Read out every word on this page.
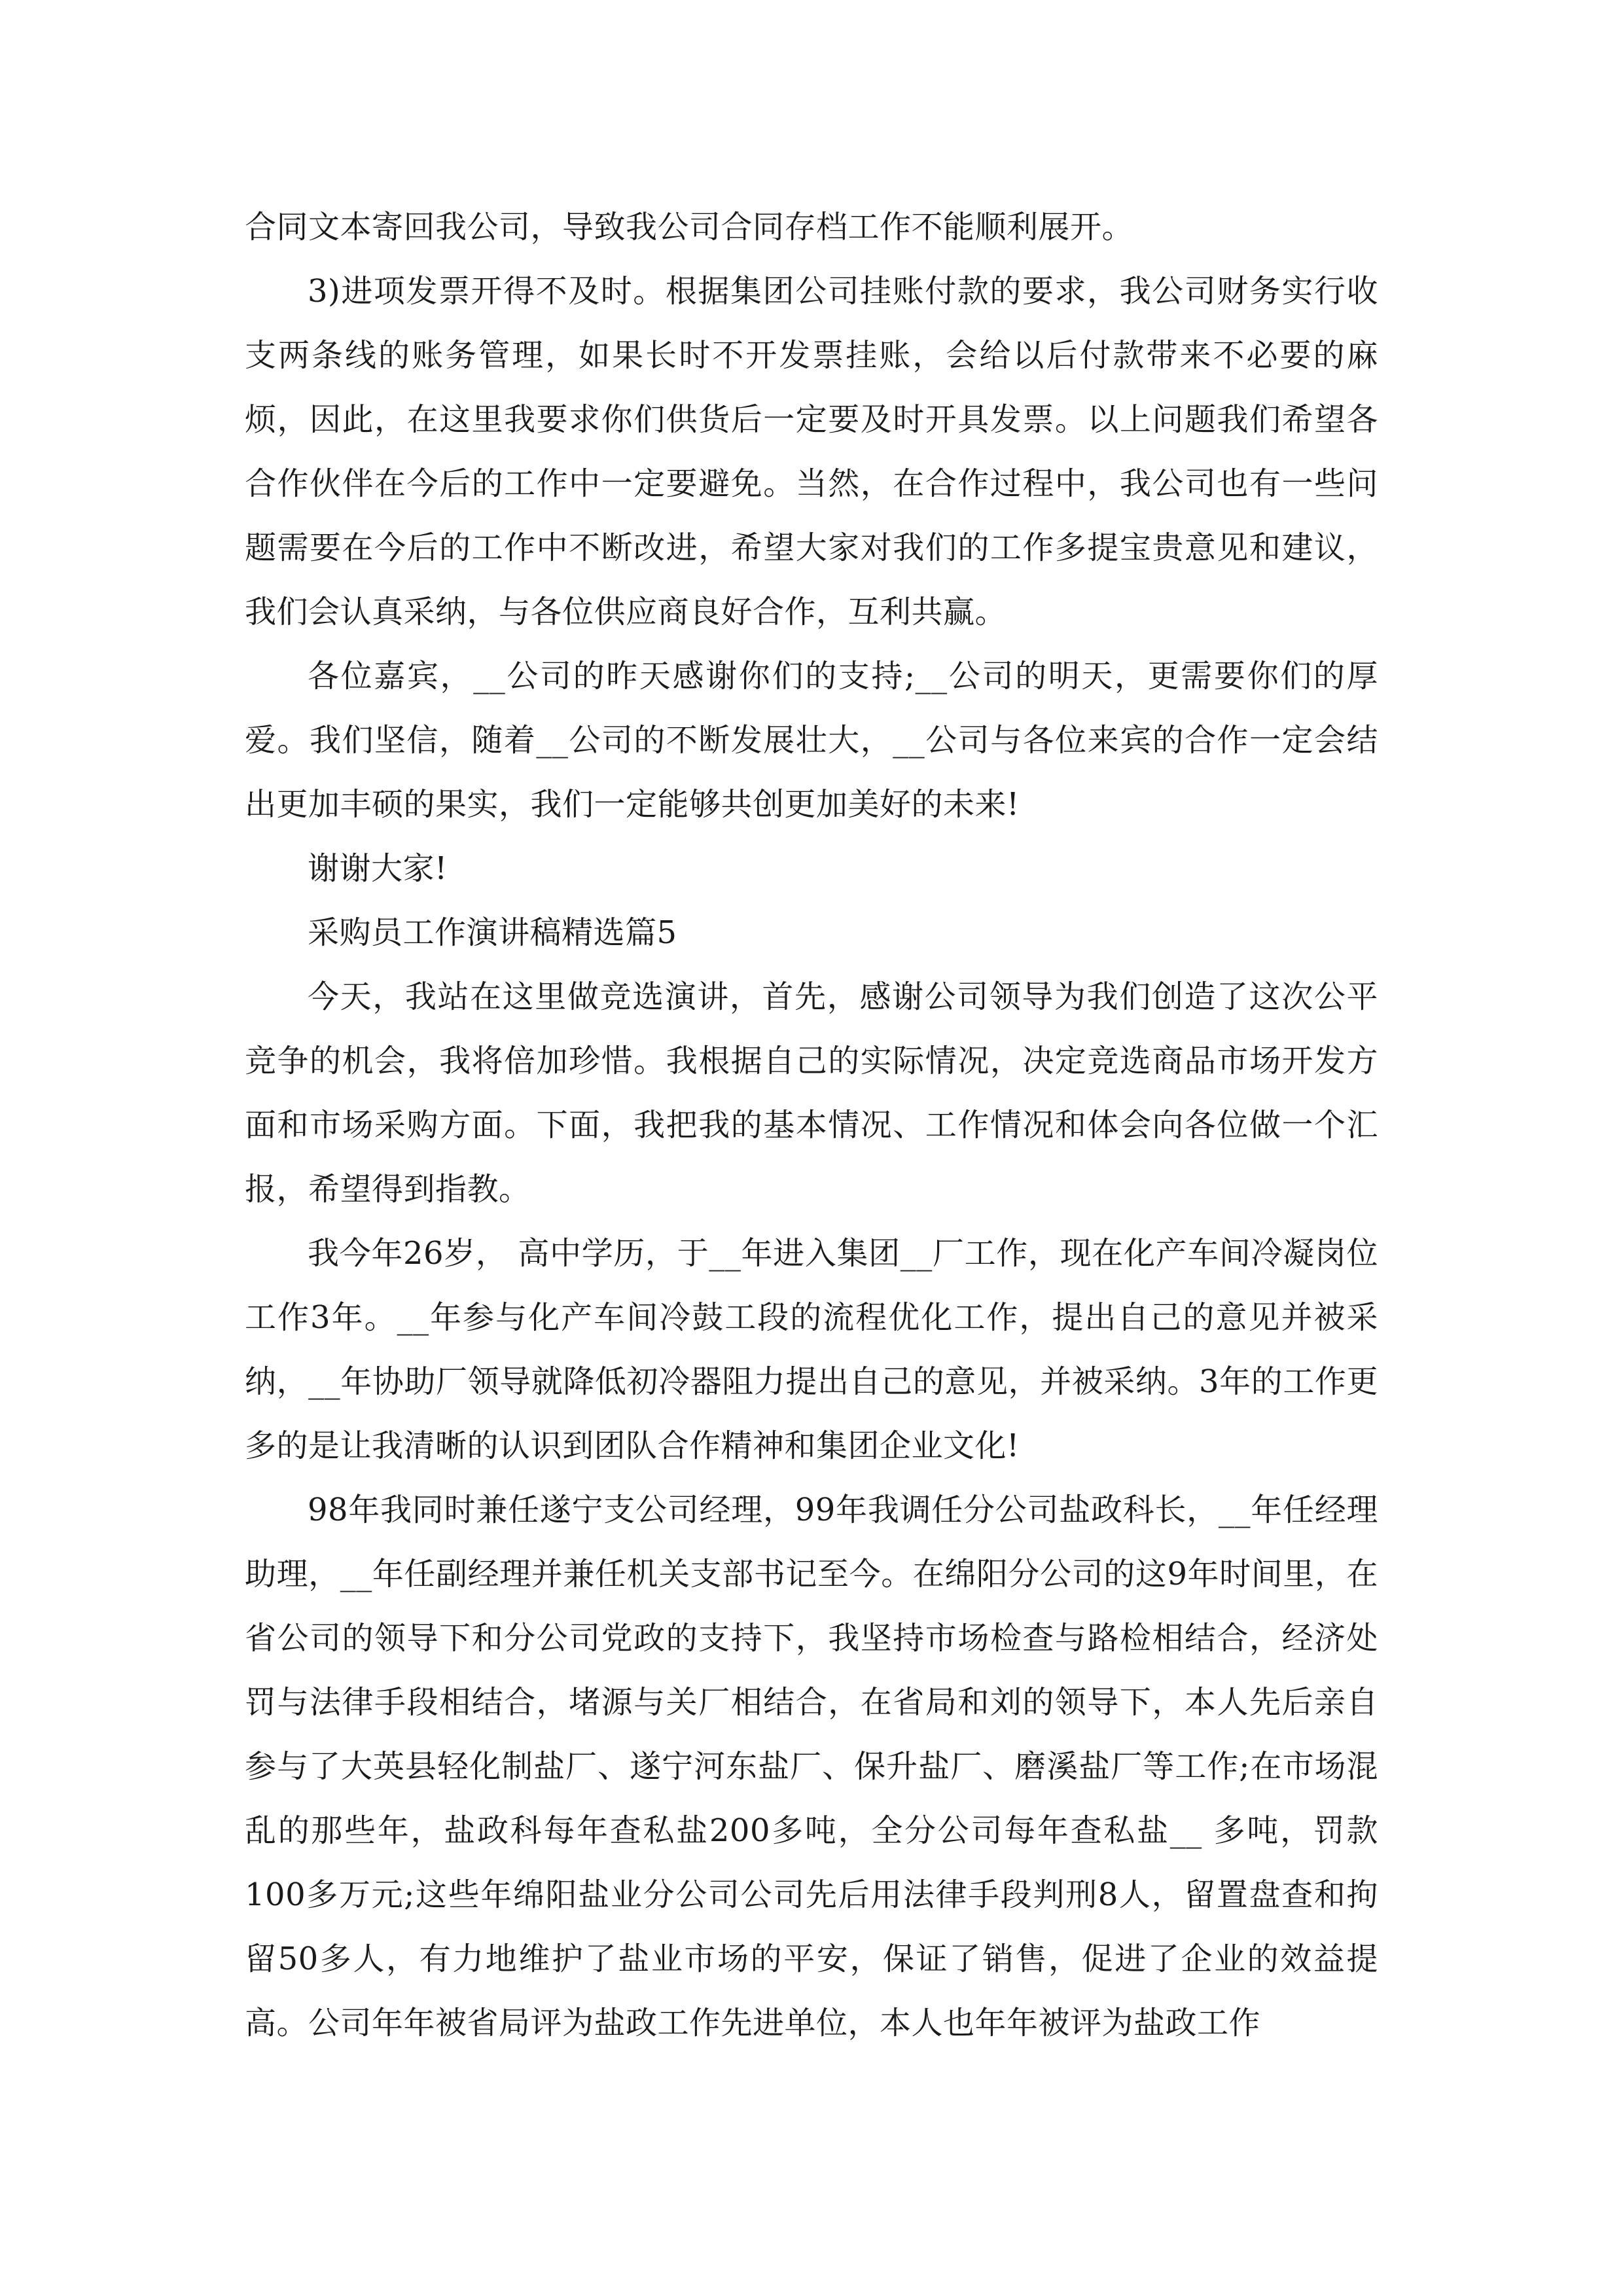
合同文本寄回我公司，导致我公司合同存档工作不能顺利展开。

3)进项发票开得不及时。根据集团公司挂账付款的要求，我公司财务实行收支两条线的账务管理，如果长时不开发票挂账，会给以后付款带来不必要的麻烦，因此，在这里我要求你们供货后一定要及时开具发票。以上问题我们希望各合作伙伴在今后的工作中一定要避免。当然，在合作过程中，我公司也有一些问题需要在今后的工作中不断改进，希望大家对我们的工作多提宝贵意见和建议，我们会认真采纳，与各位供应商良好合作，互利共赢。

各位嘉宾，__公司的昨天感谢你们的支持;__公司的明天，更需要你们的厚爱。我们坚信，随着__公司的不断发展壮大，__公司与各位来宾的合作一定会结出更加丰硕的果实，我们一定能够共创更加美好的未来!

谢谢大家!

采购员工作演讲稿精选篇5

今天，我站在这里做竞选演讲，首先，感谢公司领导为我们创造了这次公平竞争的机会，我将倍加珍惜。我根据自己的实际情况，决定竞选商品市场开发方面和市场采购方面。下面，我把我的基本情况、工作情况和体会向各位做一个汇报，希望得到指教。

我今年26岁， 高中学历，于__年进入集团__厂工作，现在化产车间冷凝岗位工作3年。__年参与化产车间冷鼓工段的流程优化工作，提出自己的意见并被采纳，__年协助厂领导就降低初冷器阻力提出自己的意见，并被采纳。3年的工作更多的是让我清晰的认识到团队合作精神和集团企业文化!

98年我同时兼任遂宁支公司经理，99年我调任分公司盐政科长，__年任经理助理，__年任副经理并兼任机关支部书记至今。在绵阳分公司的这9年时间里，在省公司的领导下和分公司党政的支持下，我坚持市场检查与路检相结合，经济处罚与法律手段相结合，堵源与关厂相结合，在省局和刘的领导下，本人先后亲自参与了大英县轻化制盐厂、遂宁河东盐厂、保升盐厂、磨溪盐厂等工作;在市场混乱的那些年，盐政科每年查私盐200多吨，全分公司每年查私盐__ 多吨，罚款100多万元;这些年绵阳盐业分公司公司先后用法律手段判刑8人，留置盘查和拘留50多人，有力地维护了盐业市场的平安，保证了销售，促进了企业的效益提高。公司年年被省局评为盐政工作先进单位，本人也年年被评为盐政工作
